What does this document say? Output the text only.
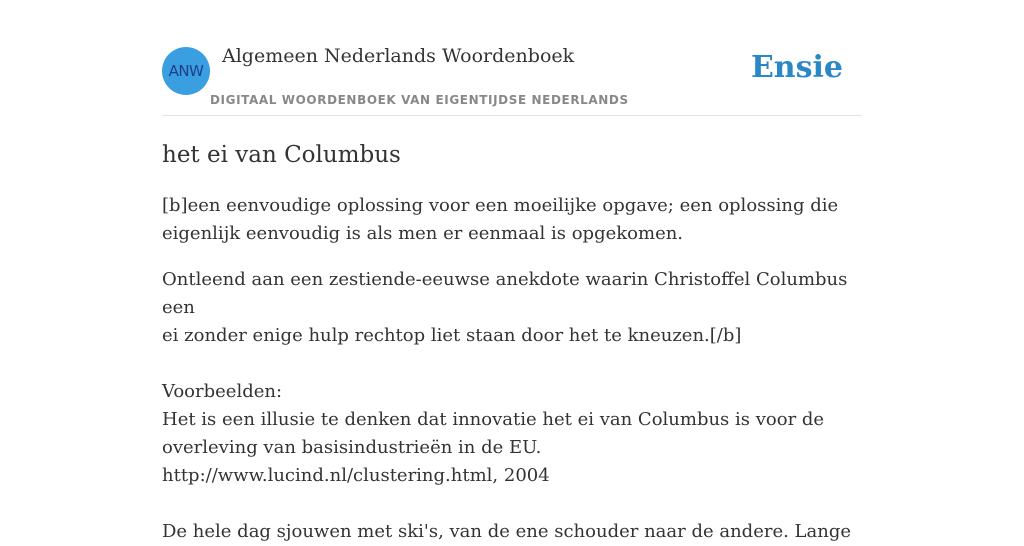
ANW
Algemeen Nederlands Woordenboek
DIGITAAL WOORDENBOEK VAN EIGENTIJDSE NEDERLANDS
Ensie
het ei van Columbus

[b]een eenvoudige oplossing voor een moeilijke opgave; een oplossing die
eigenlijk eenvoudig is als men er eenmaal is opgekomen.

Ontleend aan een zestiende-eeuwse anekdote waarin Christoffel Columbus een
ei zonder enige hulp rechtop liet staan door het te kneuzen.[/b]
Voorbeelden:
Het is een illusie te denken dat innovatie het ei van Columbus is voor de
overleving van basisindustrieën in de EU.
http://www.lucind.nl/clustering.html, 2004
De hele dag sjouwen met ski's, van de ene schouder naar de andere. Lange
